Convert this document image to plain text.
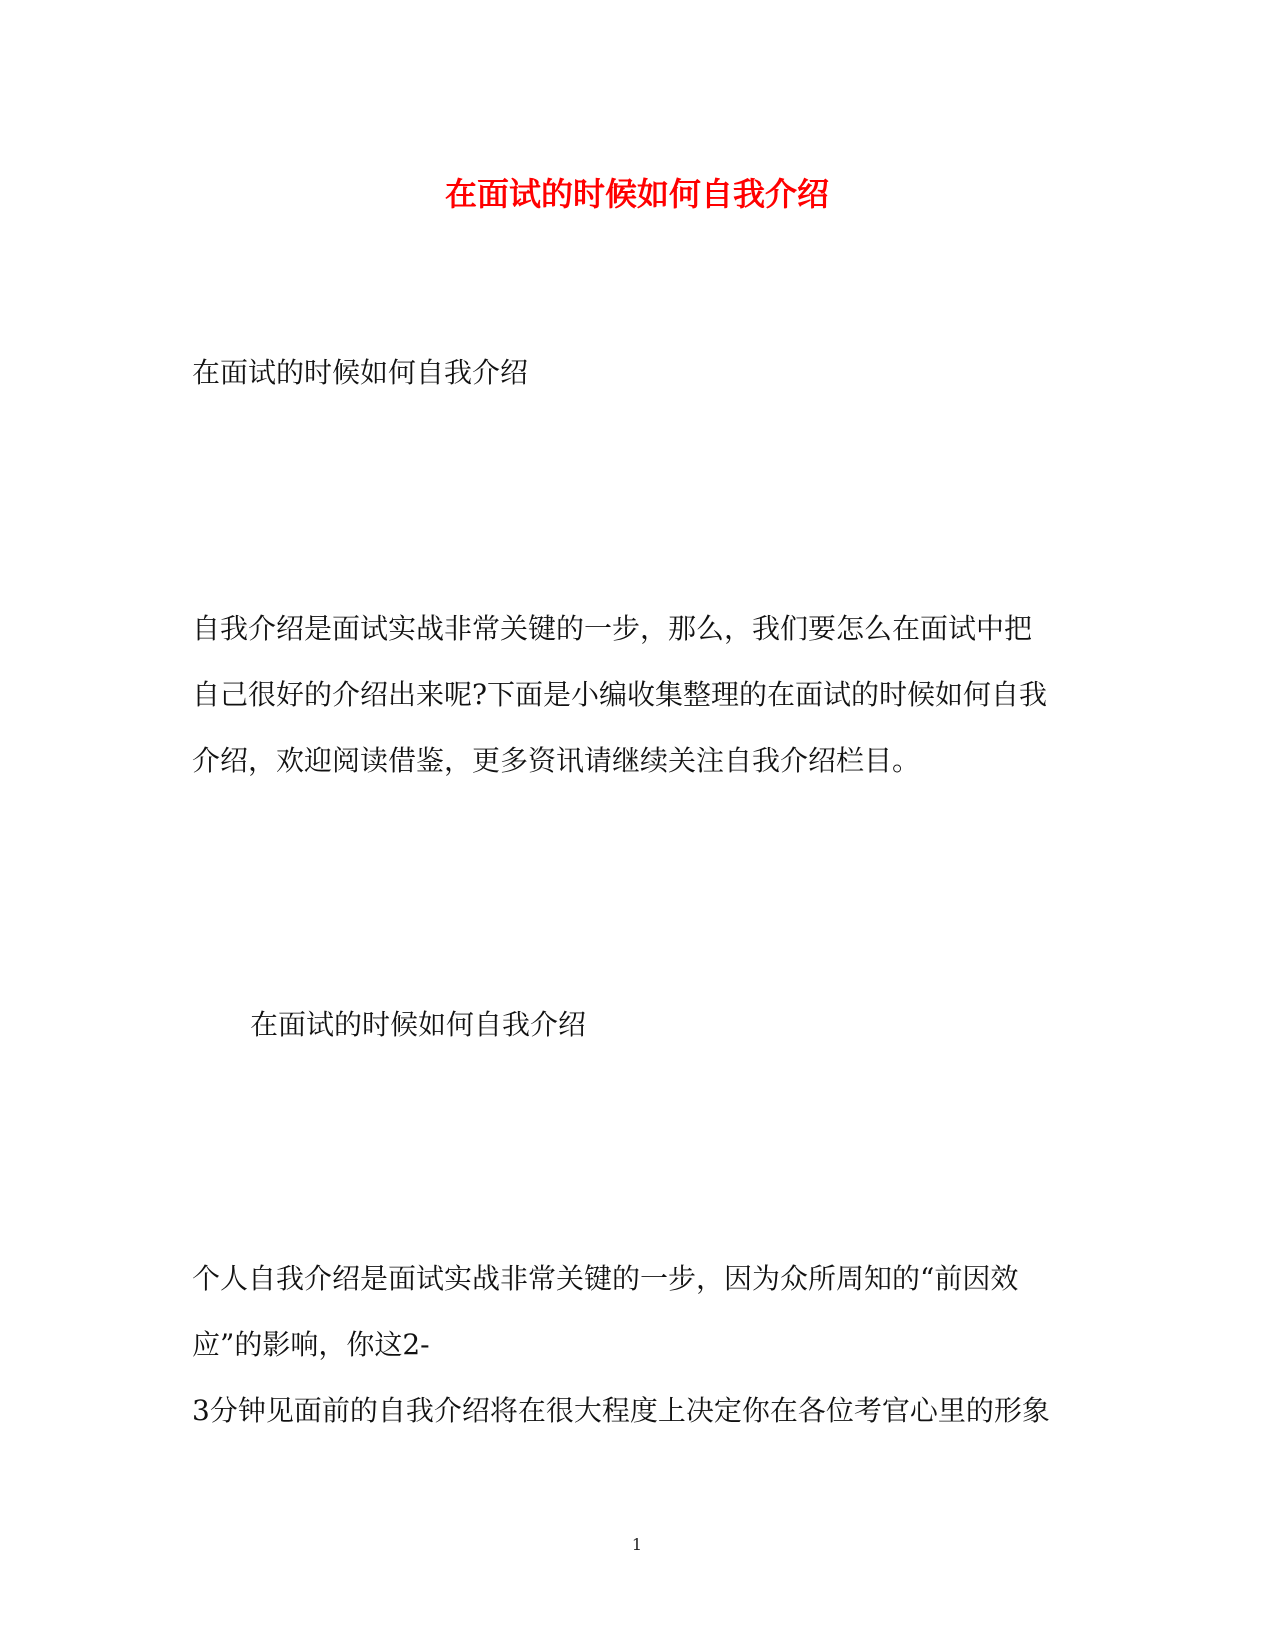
在面试的时候如何自我介绍
在面试的时候如何自我介绍
自我介绍是面试实战非常关键的一步，那么，我们要怎么在面试中把
自己很好的介绍出来呢?下面是小编收集整理的在面试的时候如何自我
介绍，欢迎阅读借鉴，更多资讯请继续关注自我介绍栏目。
在面试的时候如何自我介绍
个人自我介绍是面试实战非常关键的一步，因为众所周知的“前因效
应”的影响，你这2-
3分钟见面前的自我介绍将在很大程度上决定你在各位考官心里的形象
1
